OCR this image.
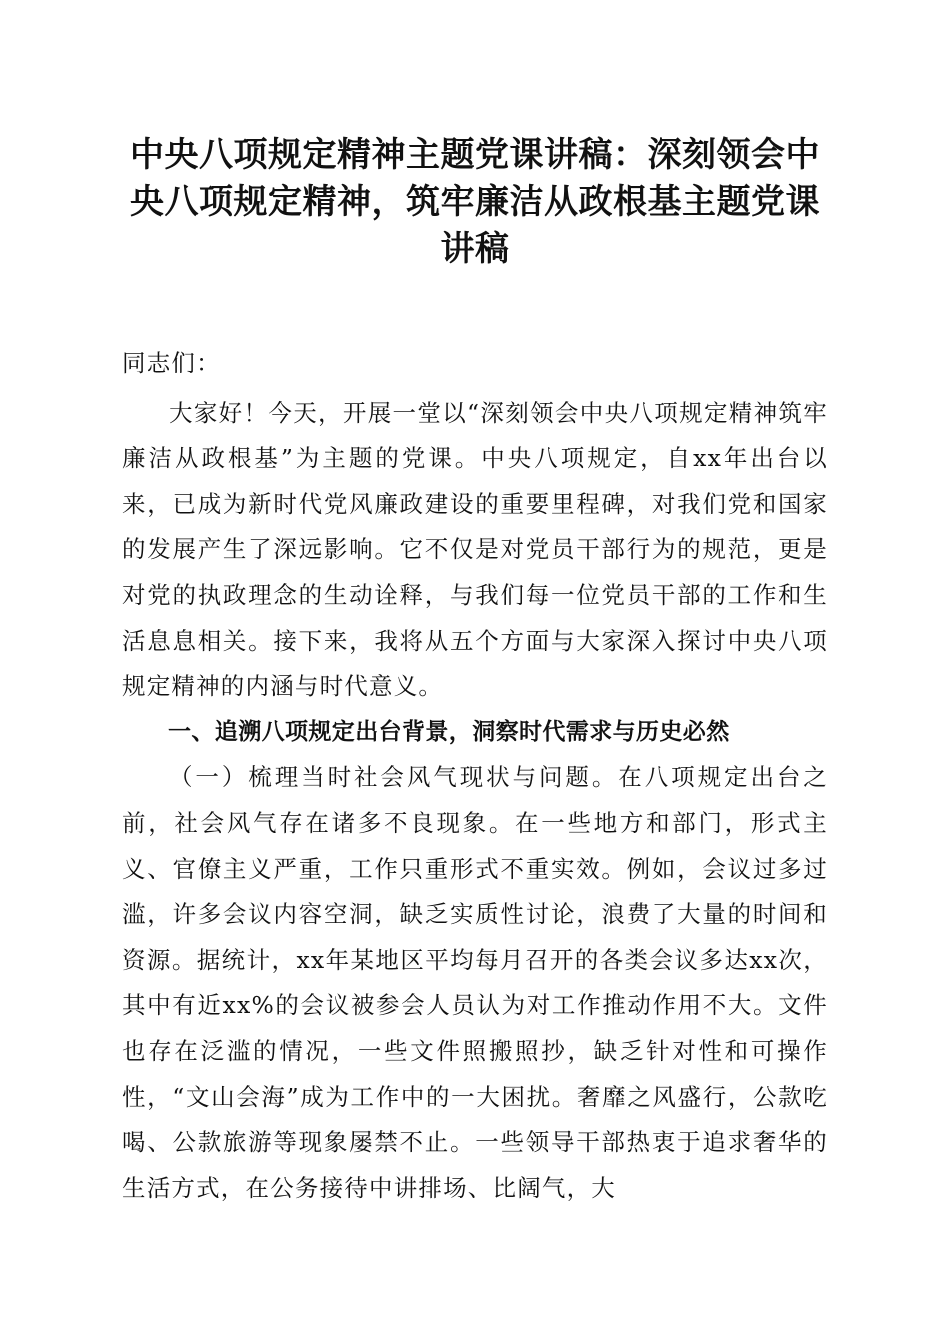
中央八项规定精神主题党课讲稿：深刻领会中
央八项规定精神，筑牢廉洁从政根基主题党课
讲稿

同志们：

大家好！今天，开展一堂以“深刻领会中央八项规定精神筑牢廉洁从政根基”为主题的党课。中央八项规定，自xx年出台以来，已成为新时代党风廉政建设的重要里程碑，对我们党和国家的发展产生了深远影响。它不仅是对党员干部行为的规范，更是对党的执政理念的生动诠释，与我们每一位党员干部的工作和生活息息相关。接下来，我将从五个方面与大家深入探讨中央八项规定精神的内涵与时代意义。

一、追溯八项规定出台背景，洞察时代需求与历史必然

（一）梳理当时社会风气现状与问题。在八项规定出台之前，社会风气存在诸多不良现象。在一些地方和部门，形式主义、官僚主义严重，工作只重形式不重实效。例如，会议过多过滥，许多会议内容空洞，缺乏实质性讨论，浪费了大量的时间和资源。据统计，xx年某地区平均每月召开的各类会议多达xx次，其中有近xx%的会议被参会人员认为对工作推动作用不大。文件也存在泛滥的情况，一些文件照搬照抄，缺乏针对性和可操作性，“文山会海”成为工作中的一大困扰。奢靡之风盛行，公款吃喝、公款旅游等现象屡禁不止。一些领导干部热衷于追求奢华的生活方式，在公务接待中讲排场、比阔气，大
